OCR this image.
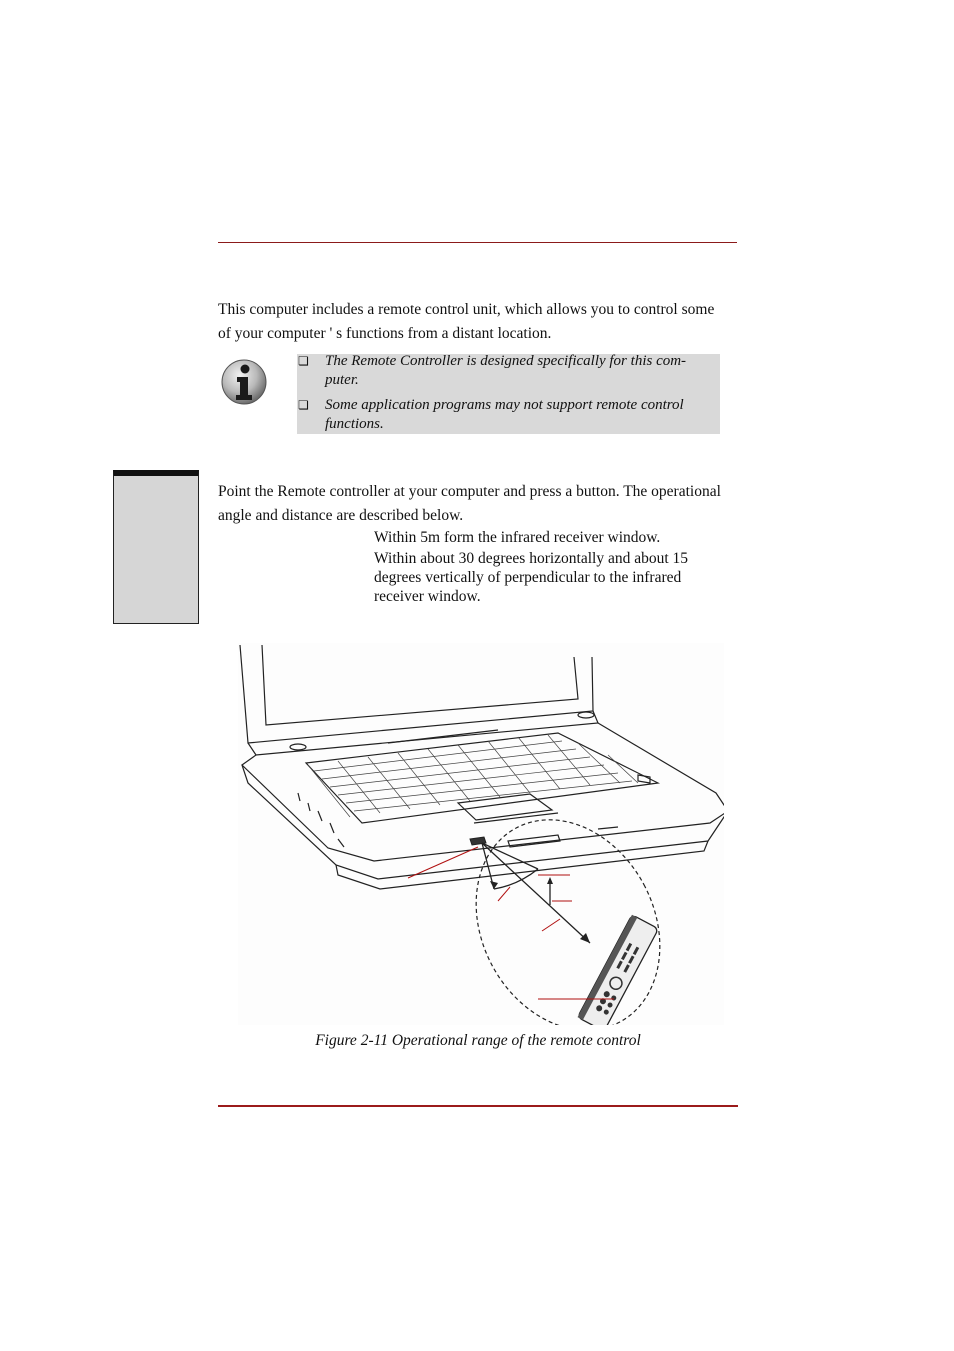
This computer includes a remote control unit, which allows you to control some
of your computer ' s functions from a distant location.

❏ The Remote Controller is designed specifically for this com- puter.
❏ Some application programs may not support remote control functions.

Point the Remote controller at your computer and press a button. The operational
angle and distance are described below.

Within 5m form the infrared receiver window.

Within about 30 degrees horizontally and about 15 degrees vertically of perpendicular to the infrared receiver window.

Figure 2-11 Operational range of the remote control
